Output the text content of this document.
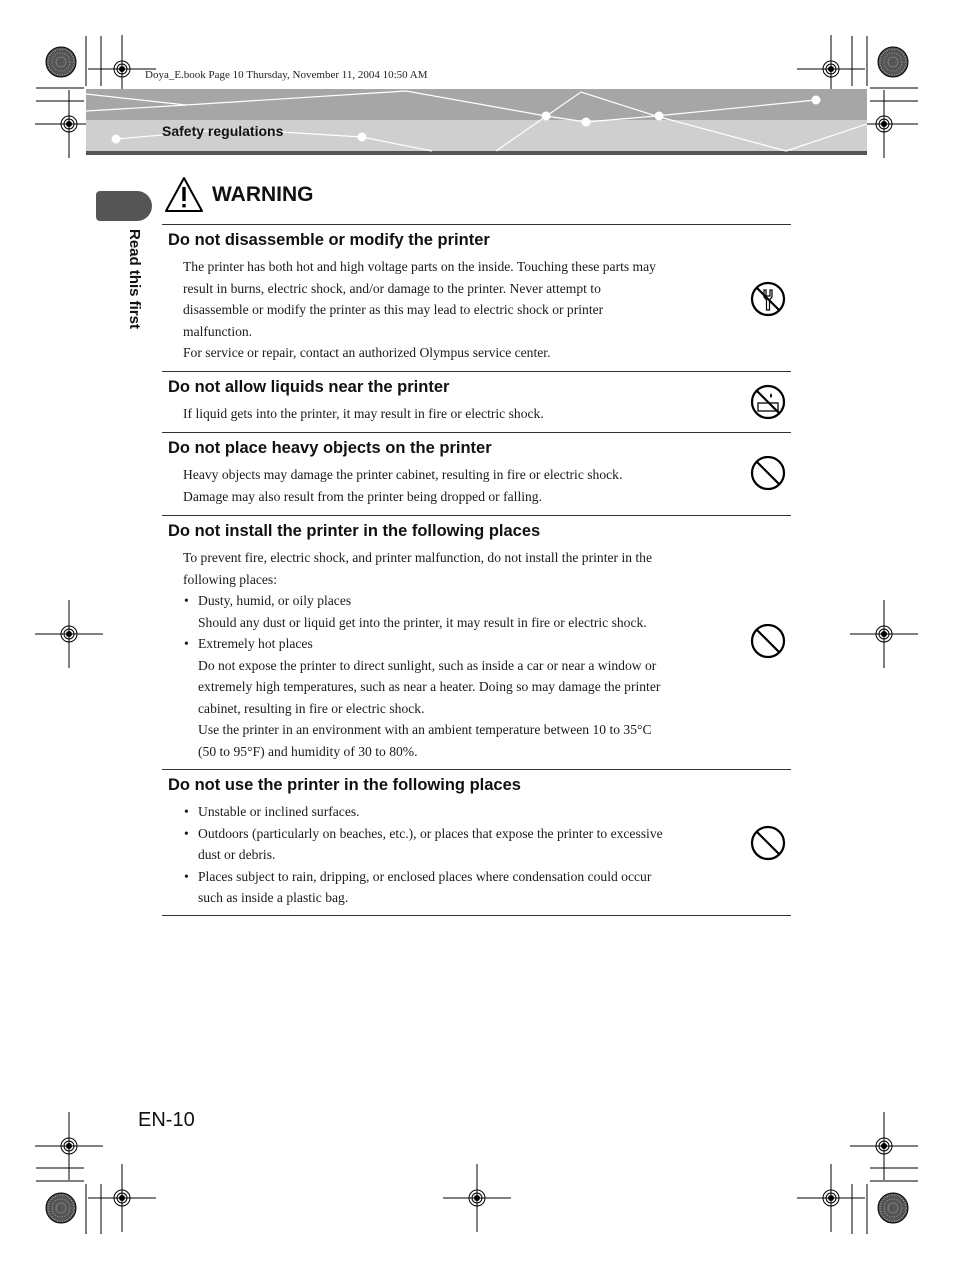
Doya_E.book Page 10 Thursday, November 11, 2004 10:50 AM
Safety regulations
Read this first
WARNING
Do not disassemble or modify the printer

The printer has both hot and high voltage parts on the inside. Touching these parts may

result in burns, electric shock, and/or damage to the printer. Never attempt to

disassemble or modify the printer as this may lead to electric shock or printer

malfunction.

For service or repair, contact an authorized Olympus service center.

Do not allow liquids near the printer

If liquid gets into the printer, it may result in fire or electric shock.

Do not place heavy objects on the printer

Heavy objects may damage the printer cabinet, resulting in fire or electric shock.

Damage may also result from the printer being dropped or falling.

Do not install the printer in the following places

To prevent fire, electric shock, and printer malfunction, do not install the printer in the

following places:

• Dusty, humid, or oily places

Should any dust or liquid get into the printer, it may result in fire or electric shock.

• Extremely hot places

Do not expose the printer to direct sunlight, such as inside a car or near a window or

extremely high temperatures, such as near a heater. Doing so may damage the printer

cabinet, resulting in fire or electric shock.

Use the printer in an environment with an ambient temperature between 10 to 35°C

(50 to 95°F) and humidity of 30 to 80%.

Do not use the printer in the following places

• Unstable or inclined surfaces.

• Outdoors (particularly on beaches, etc.), or places that expose the printer to excessive

dust or debris.

• Places subject to rain, dripping, or enclosed places where condensation could occur

such as inside a plastic bag.

EN-10
